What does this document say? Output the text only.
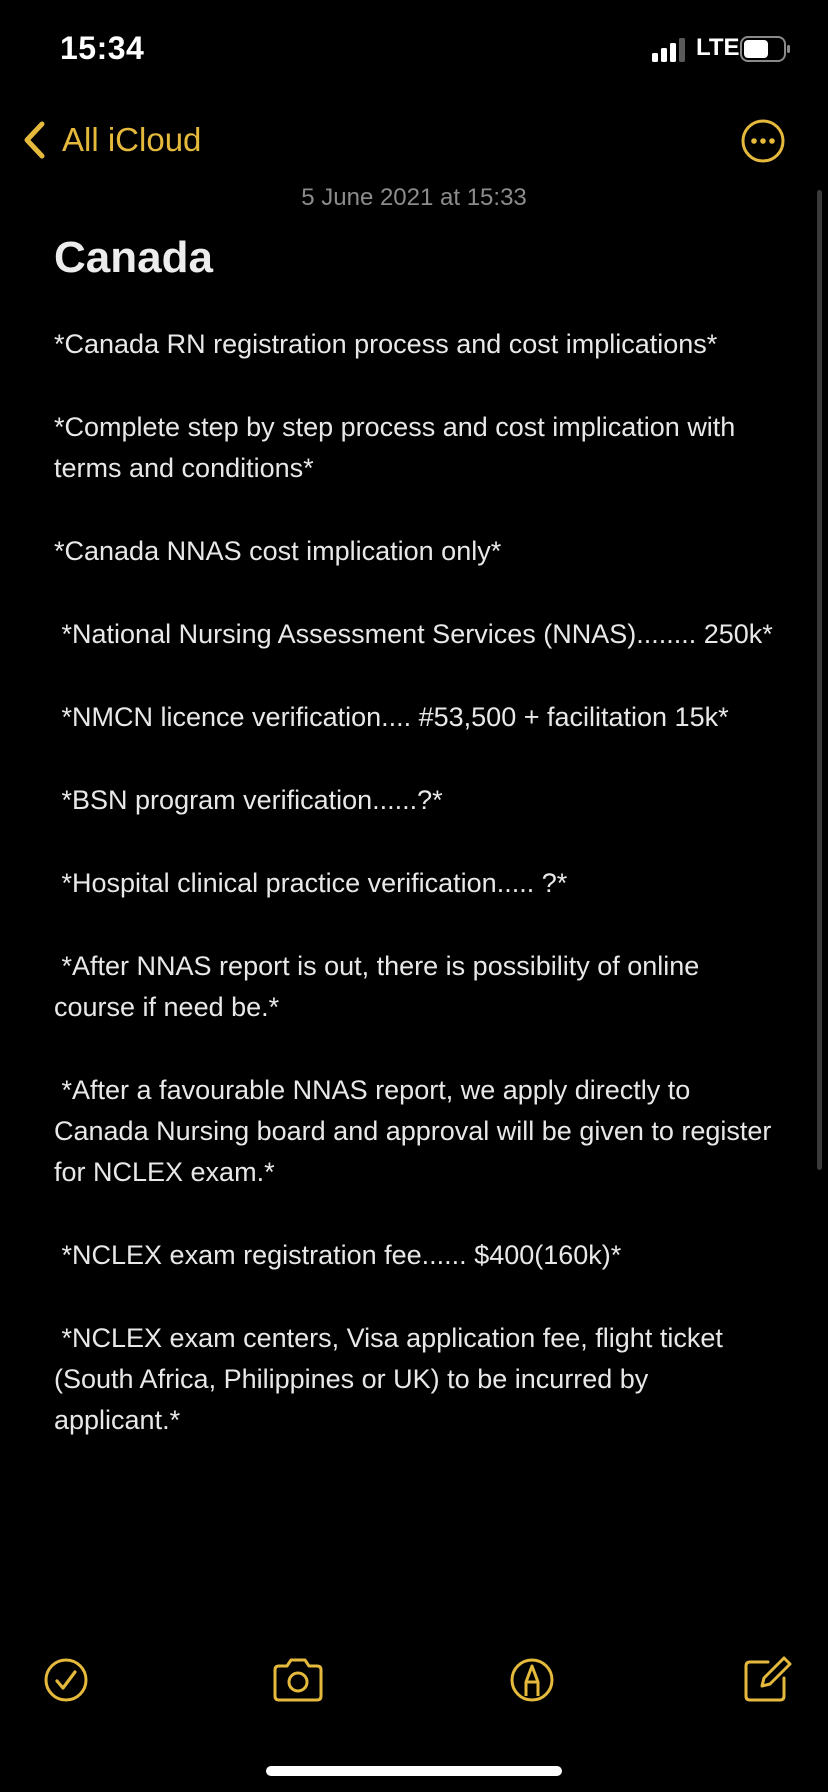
15:34	LTE
All iCloud
5 June 2021 at 15:33
Canada
*Canada RN registration process and cost implications*
*Complete step by step process and cost implication with terms and conditions*
*Canada NNAS cost implication only*
*National Nursing Assessment Services (NNAS)........ 250k*
*NMCN licence verification.... #53,500 + facilitation 15k*
*BSN program verification......?*
*Hospital clinical practice verification..... ?*
*After NNAS report is out, there is possibility of online course if need be.*
*After a favourable NNAS report, we apply directly to Canada Nursing board and approval will be given to register for NCLEX exam.*
*NCLEX exam registration fee...... $400(160k)*
*NCLEX exam centers, Visa application fee, flight ticket (South Africa, Philippines or UK) to be incurred by applicant.*
